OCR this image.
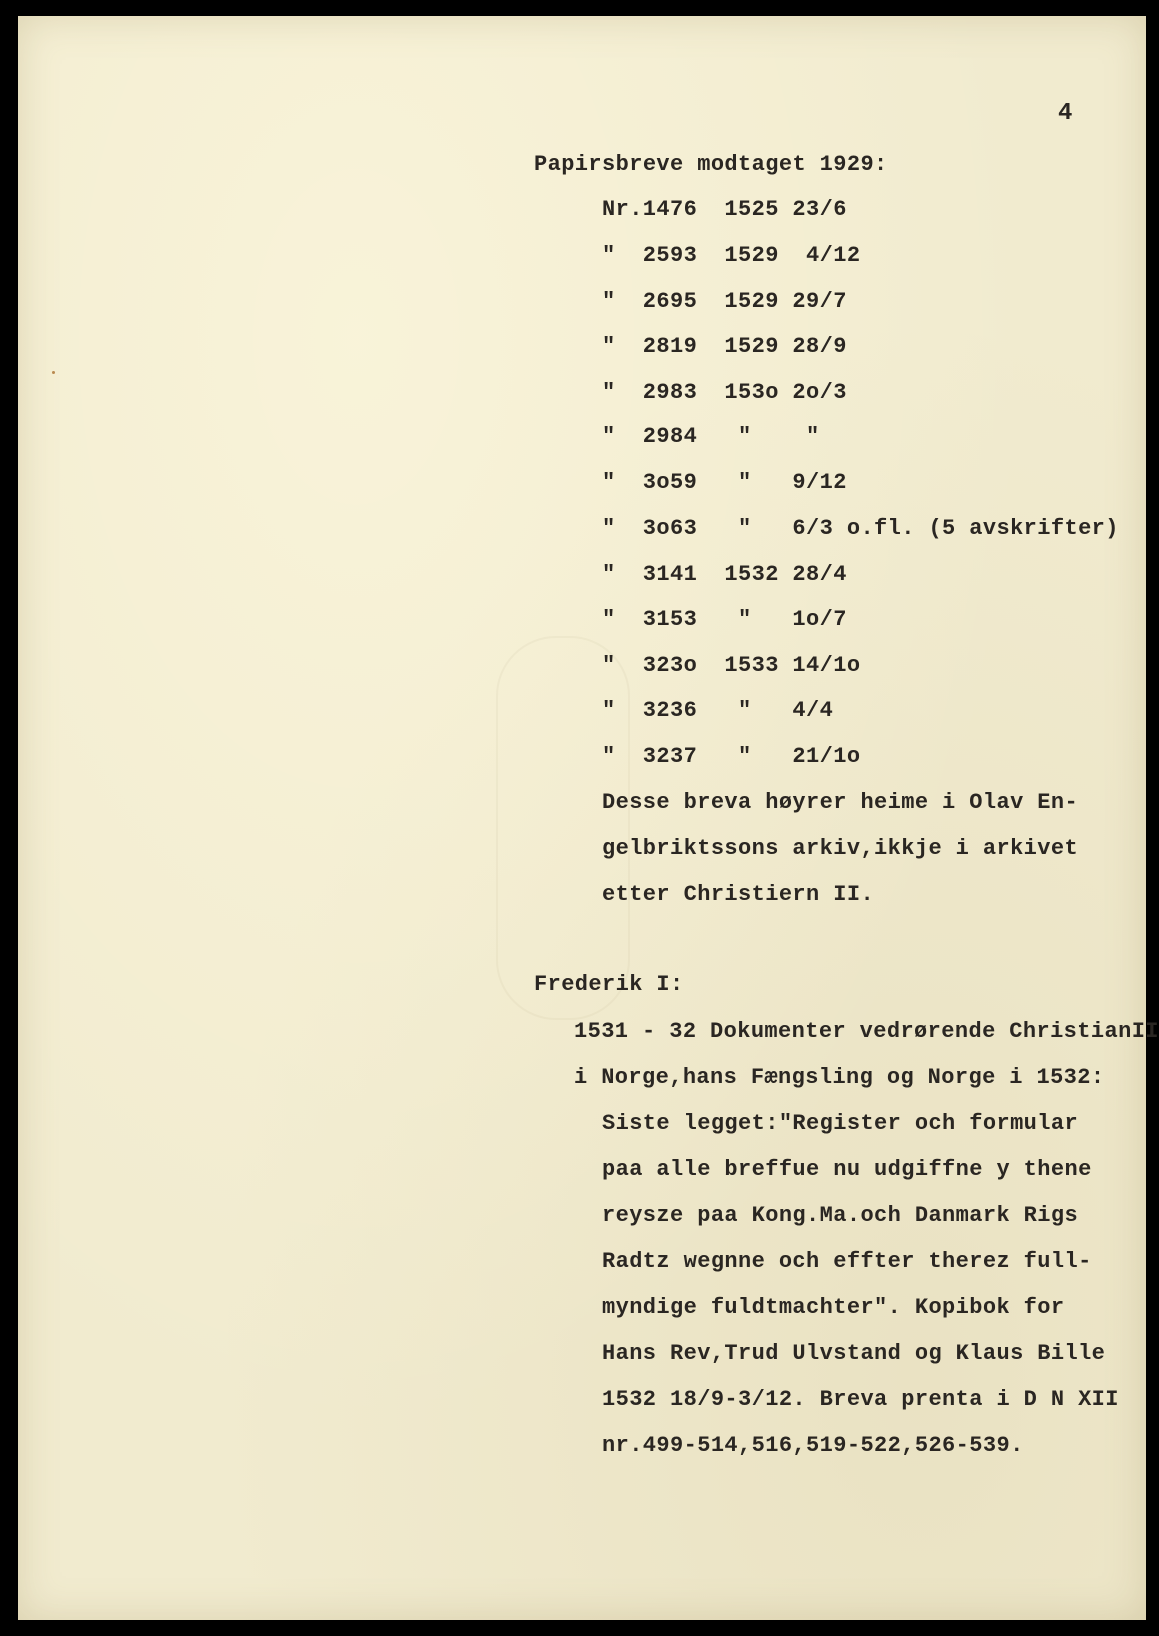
4
Papirsbreve modtaget 1929:
Nr.1476  1525 23/6
"  2593  1529  4/12
"  2695  1529 29/7
"  2819  1529 28/9
"  2983  153o 2o/3
"  2984   "    "
"  3o59   "   9/12
"  3o63   "   6/3 o.fl. (5 avskrifter)
"  3141  1532 28/4
"  3153   "   1o/7
"  323o  1533 14/1o
"  3236   "   4/4
"  3237   "   21/1o
Desse breva høyrer heime i Olav En-
gelbriktssons arkiv,ikkje i arkivet
etter Christiern II.
Frederik I:
1531 - 32 Dokumenter vedrørende ChristianII
i Norge,hans Fængsling og Norge i 1532:
Siste legget:"Register och formular
paa alle breffue nu udgiffne y thene
reysze paa Kong.Ma.och Danmark Rigs
Radtz wegnne och effter therez full-
myndige fuldtmachter". Kopibok for
Hans Rev,Trud Ulvstand og Klaus Bille
1532 18/9-3/12. Breva prenta i D N XII
nr.499-514,516,519-522,526-539.
